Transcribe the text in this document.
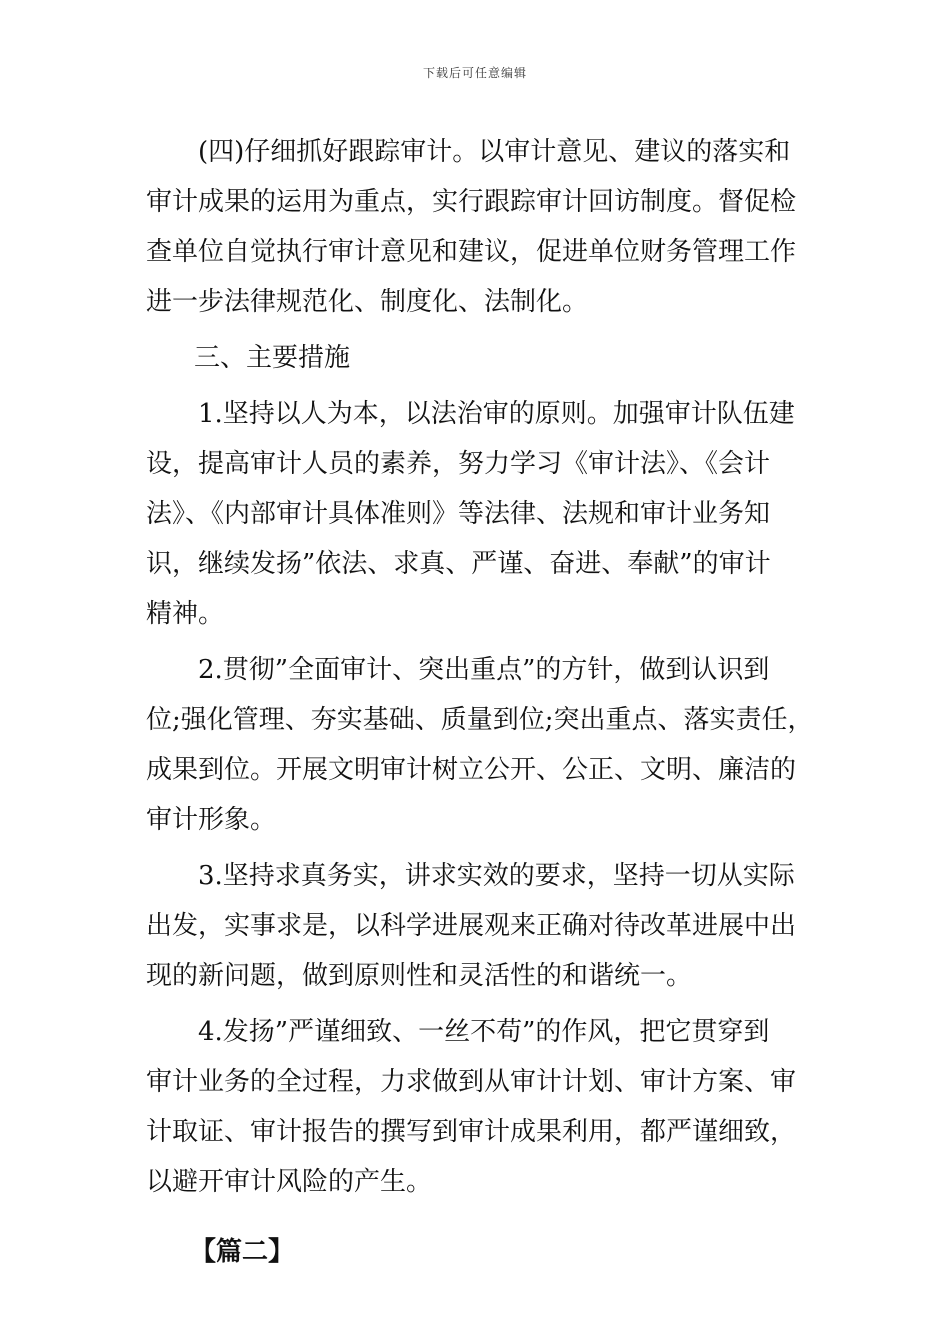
下载后可任意编辑
(四)仔细抓好跟踪审计。以审计意见、建议的落实和
审计成果的运用为重点，实行跟踪审计回访制度。督促检
查单位自觉执行审计意见和建议，促进单位财务管理工作
进一步法律规范化、制度化、法制化。
三、主要措施
1.坚持以人为本，以法治审的原则。加强审计队伍建
设，提高审计人员的素养，努力学习《审计法》、《会计
法》、《内部审计具体准则》等法律、法规和审计业务知
识，继续发扬”依法、求真、严谨、奋进、奉献”的审计
精神。
2.贯彻”全面审计、突出重点”的方针，做到认识到
位;强化管理、夯实基础、质量到位;突出重点、落实责任，
成果到位。开展文明审计树立公开、公正、文明、廉洁的
审计形象。
3.坚持求真务实，讲求实效的要求，坚持一切从实际
出发，实事求是，以科学进展观来正确对待改革进展中出
现的新问题，做到原则性和灵活性的和谐统一。
4.发扬”严谨细致、一丝不苟”的作风，把它贯穿到
审计业务的全过程，力求做到从审计计划、审计方案、审
计取证、审计报告的撰写到审计成果利用，都严谨细致，
以避开审计风险的产生。
【篇二】
